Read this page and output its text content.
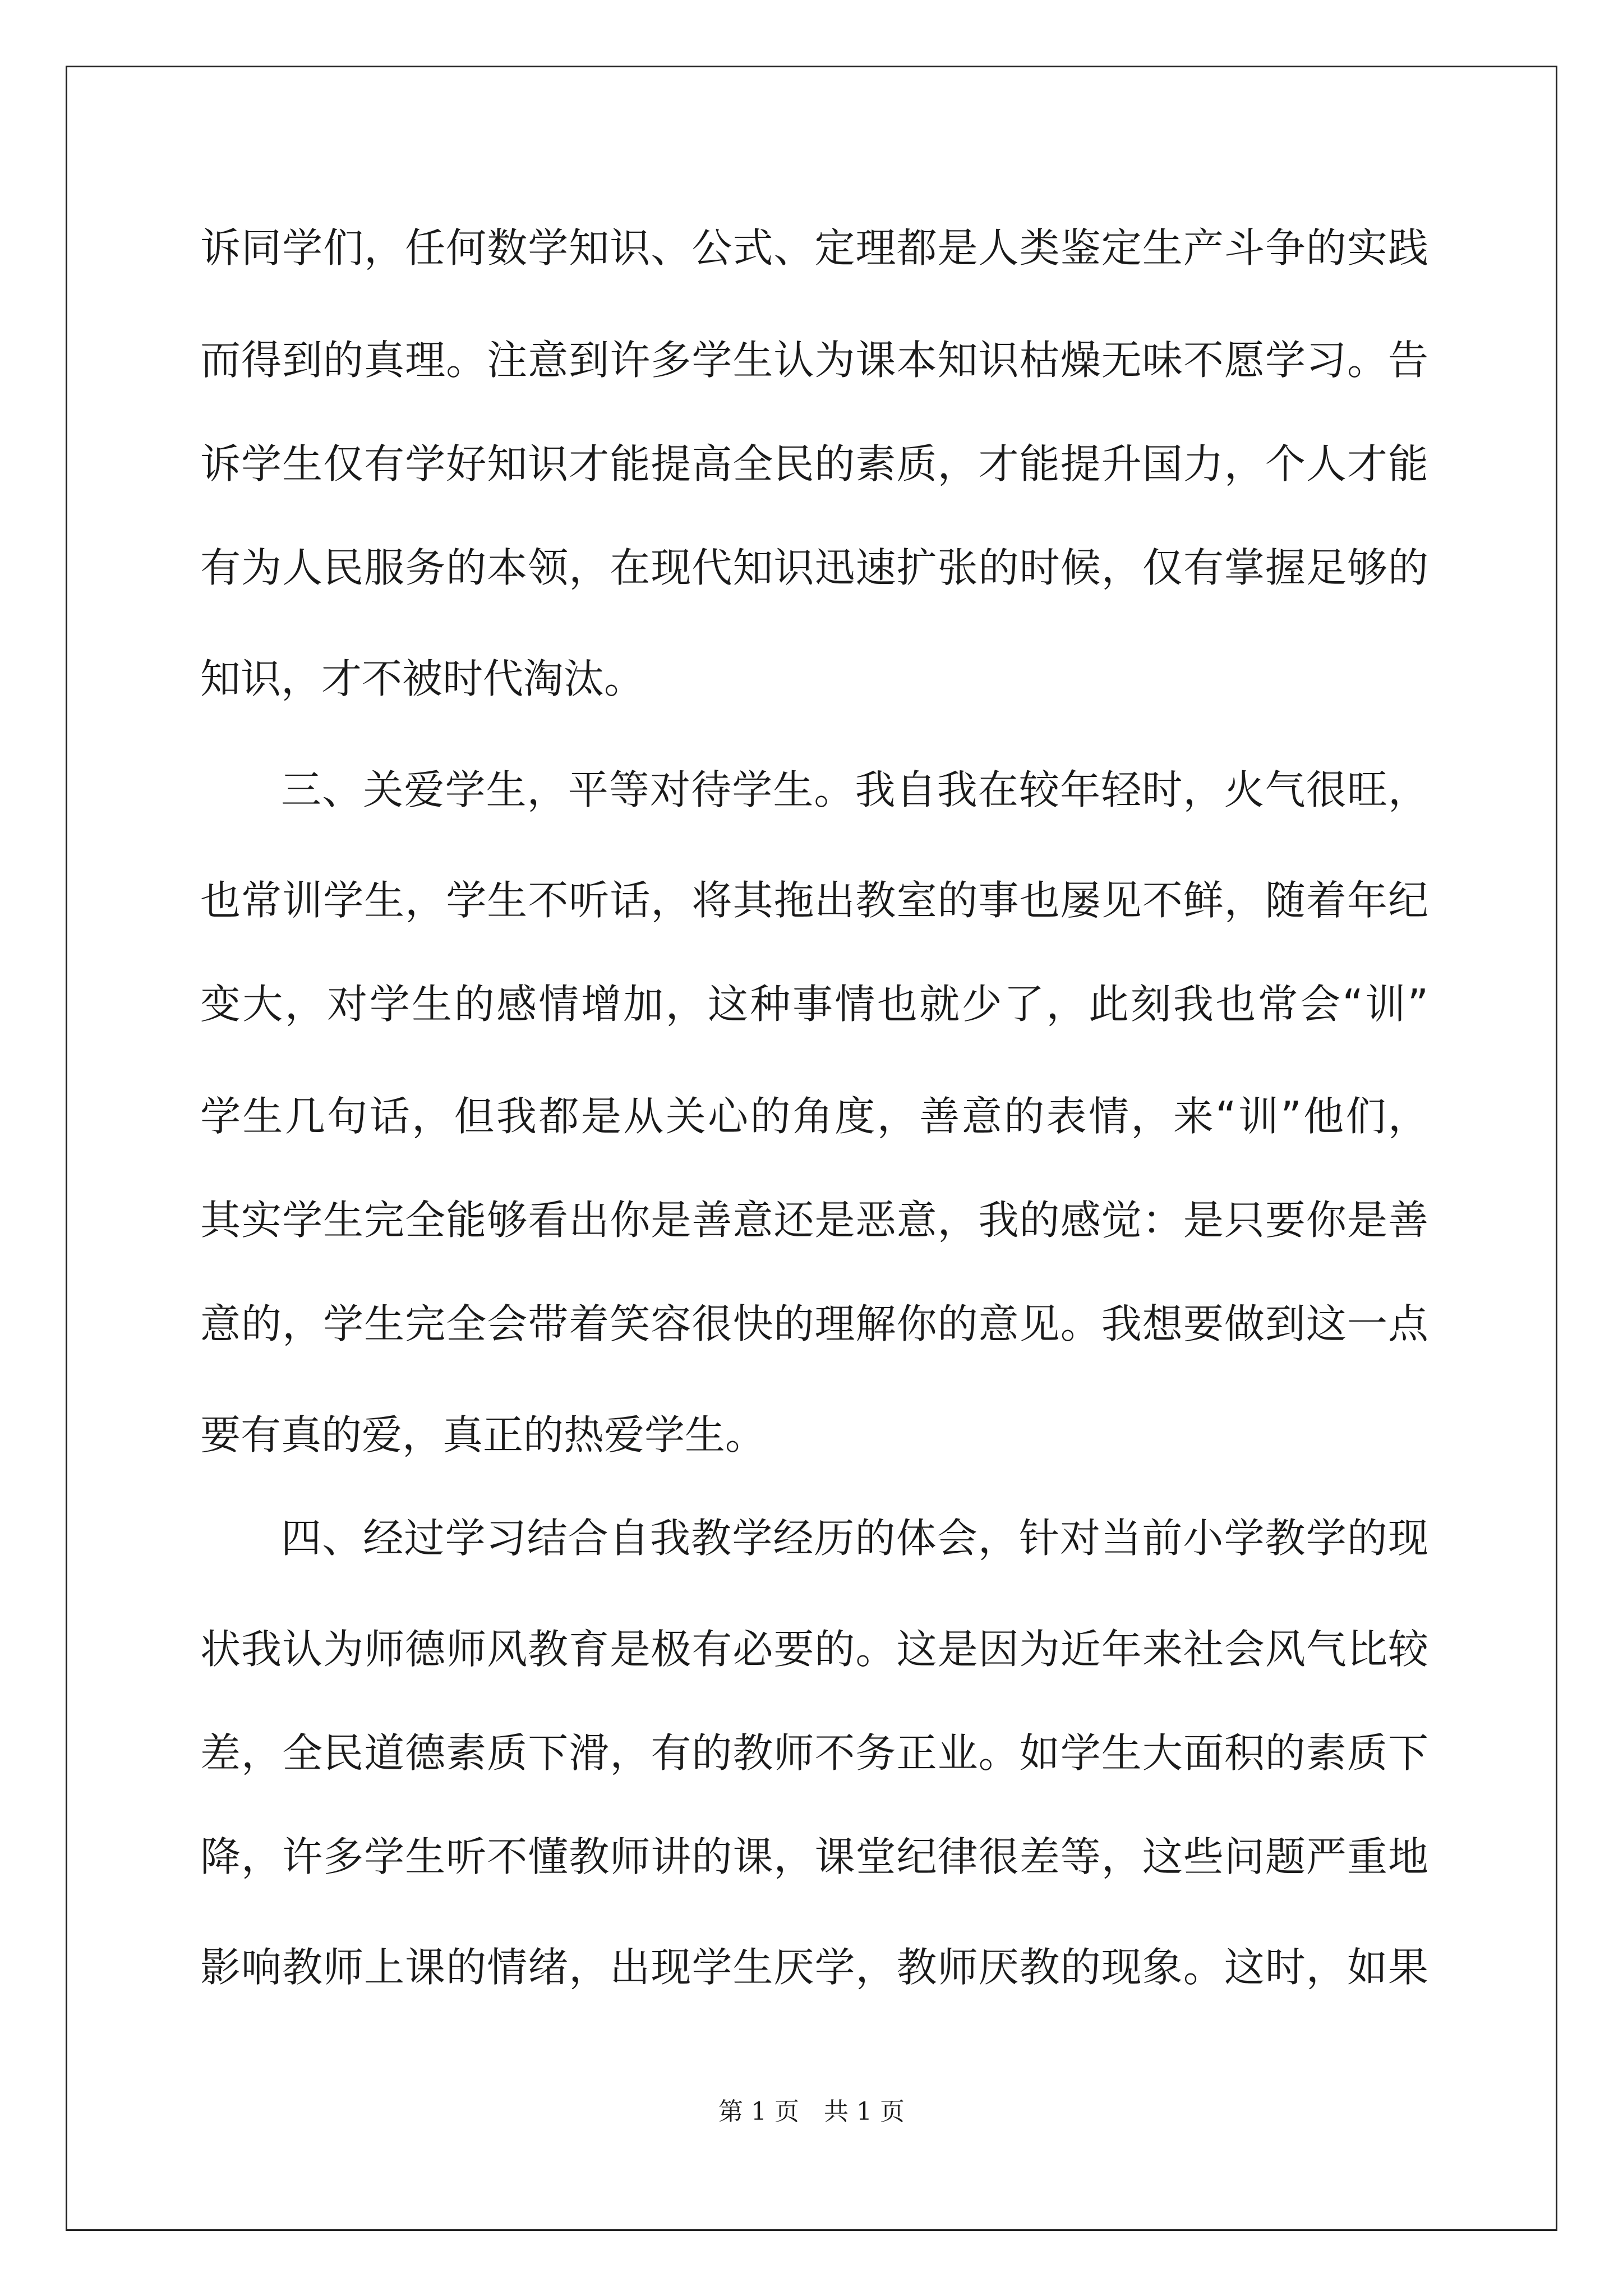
诉同学们，任何数学知识、公式、定理都是人类鉴定生产斗争的实践
而得到的真理。注意到许多学生认为课本知识枯燥无味不愿学习。告
诉学生仅有学好知识才能提高全民的素质，才能提升国力，个人才能
有为人民服务的本领，在现代知识迅速扩张的时候，仅有掌握足够的
知识，才不被时代淘汰。
三、关爱学生，平等对待学生。我自我在较年轻时，火气很旺，
也常训学生，学生不听话，将其拖出教室的事也屡见不鲜，随着年纪
变大，对学生的感情增加，这种事情也就少了，此刻我也常会“训”
学生几句话，但我都是从关心的角度，善意的表情，来“训”他们，
其实学生完全能够看出你是善意还是恶意，我的感觉：是只要你是善
意的，学生完全会带着笑容很快的理解你的意见。我想要做到这一点
要有真的爱，真正的热爱学生。
四、经过学习结合自我教学经历的体会，针对当前小学教学的现
状我认为师德师风教育是极有必要的。这是因为近年来社会风气比较
差，全民道德素质下滑，有的教师不务正业。如学生大面积的素质下
降，许多学生听不懂教师讲的课，课堂纪律很差等，这些问题严重地
影响教师上课的情绪，出现学生厌学，教师厌教的现象。这时，如果
第 1 页　共 1 页
